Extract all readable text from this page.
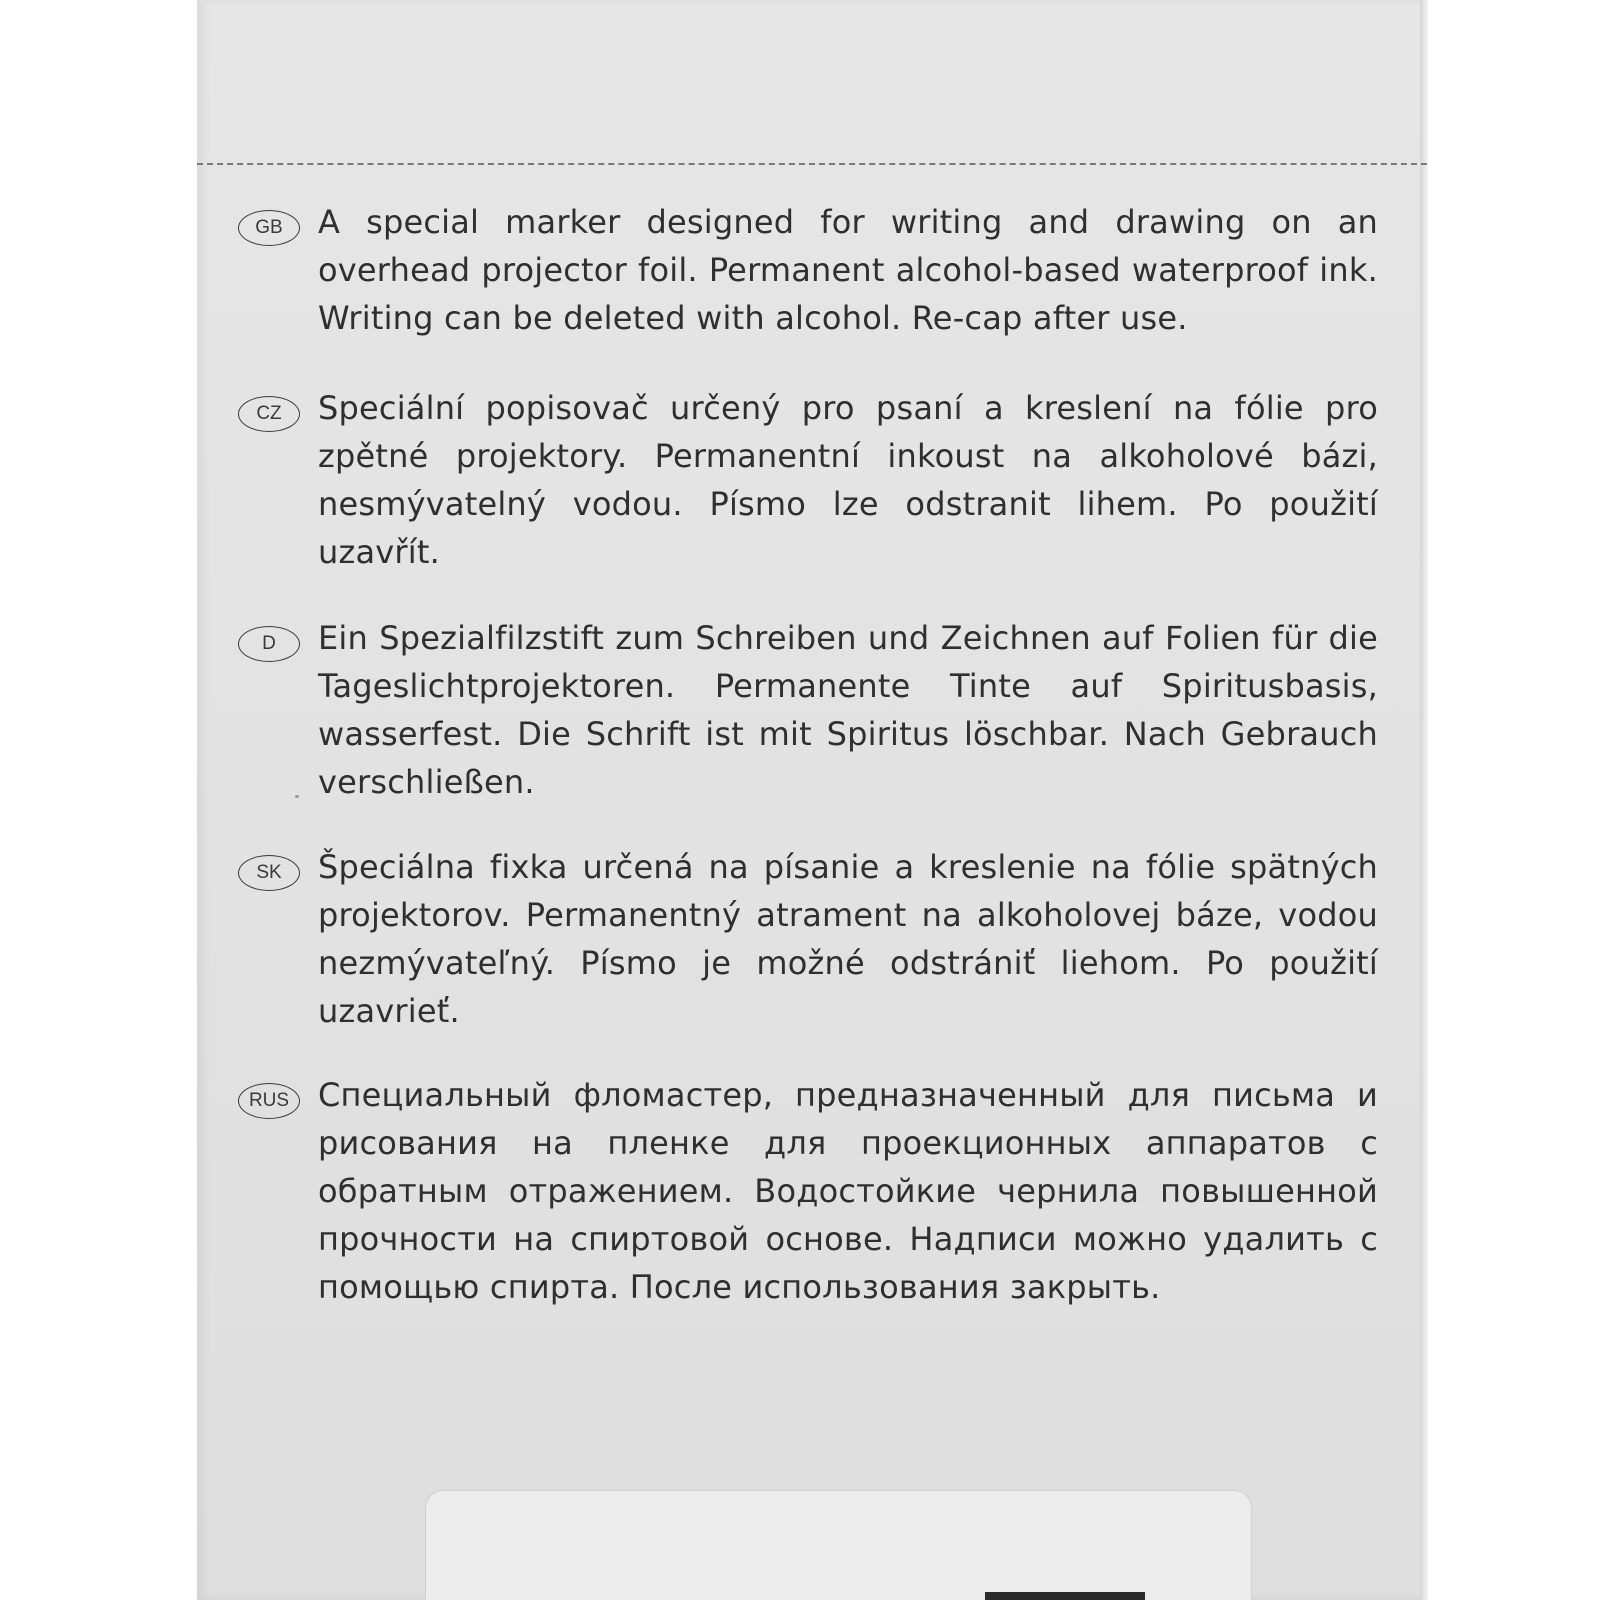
GB	A special marker designed for writing and drawing on an overhead projector foil. Permanent alcohol-based waterproof ink. Writing can be deleted with alcohol. Re-cap after use.

CZ	Speciální popisovač určený pro psaní a kreslení na fólie pro zpětné projektory. Permanentní inkoust na alkoholové bázi, nesmývatelný vodou. Písmo lze odstranit lihem. Po použití uzavřít.

D	Ein Spezialfilzstift zum Schreiben und Zeichnen auf Folien für die Tageslichtprojektoren. Permanente Tinte auf Spiritusbasis, wasserfest. Die Schrift ist mit Spiritus löschbar. Nach Gebrauch verschließen.

SK	Špeciálna fixka určená na písanie a kreslenie na fólie spätných projektorov. Permanentný atrament na alkoholovej báze, vodou nezmývateľný. Písmo je možné odstrániť liehom. Po použití uzavrieť.

RUS Специальный фломастер, предназначенный для письма и рисования на пленке для проекционных аппаратов с обратным отражением. Водостойкие чернила повышенной прочности на спиртовой основе. Надписи можно удалить с помощью спирта. После использования закрыть.
